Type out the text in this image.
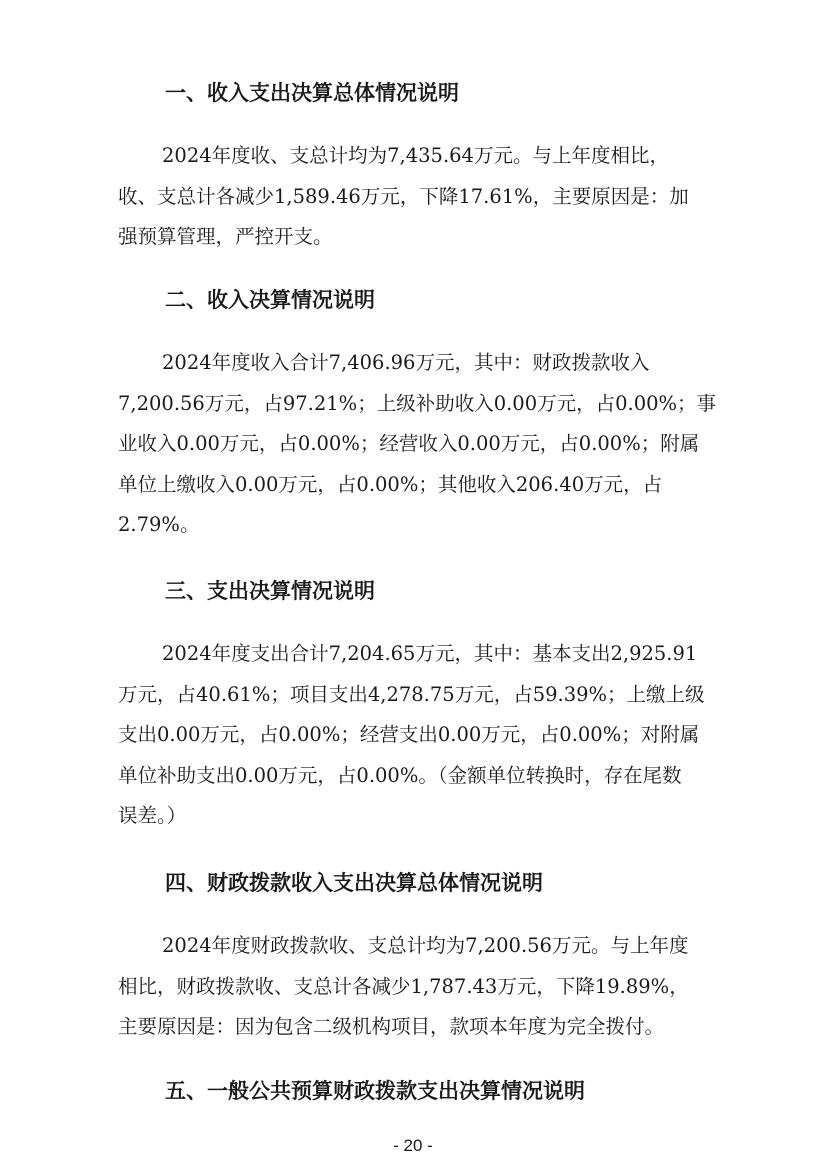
一、收入支出决算总体情况说明
2024年度收、支总计均为7,435.64万元。与上年度相比，
收、支总计各减少1,589.46万元，下降17.61%，主要原因是：加
强预算管理，严控开支。
二、收入决算情况说明
2024年度收入合计7,406.96万元，其中：财政拨款收入
7,200.56万元，占97.21%；上级补助收入0.00万元，占0.00%；事
业收入0.00万元，占0.00%；经营收入0.00万元，占0.00%；附属
单位上缴收入0.00万元，占0.00%；其他收入206.40万元，占
2.79%。
三、支出决算情况说明
2024年度支出合计7,204.65万元，其中：基本支出2,925.91
万元，占40.61%；项目支出4,278.75万元，占59.39%；上缴上级
支出0.00万元，占0.00%；经营支出0.00万元，占0.00%；对附属
单位补助支出0.00万元，占0.00%。（金额单位转换时，存在尾数
误差。）
四、财政拨款收入支出决算总体情况说明
2024年度财政拨款收、支总计均为7,200.56万元。与上年度
相比，财政拨款收、支总计各减少1,787.43万元，下降19.89%，
主要原因是：因为包含二级机构项目，款项本年度为完全拨付。
五、一般公共预算财政拨款支出决算情况说明
- 20 -
